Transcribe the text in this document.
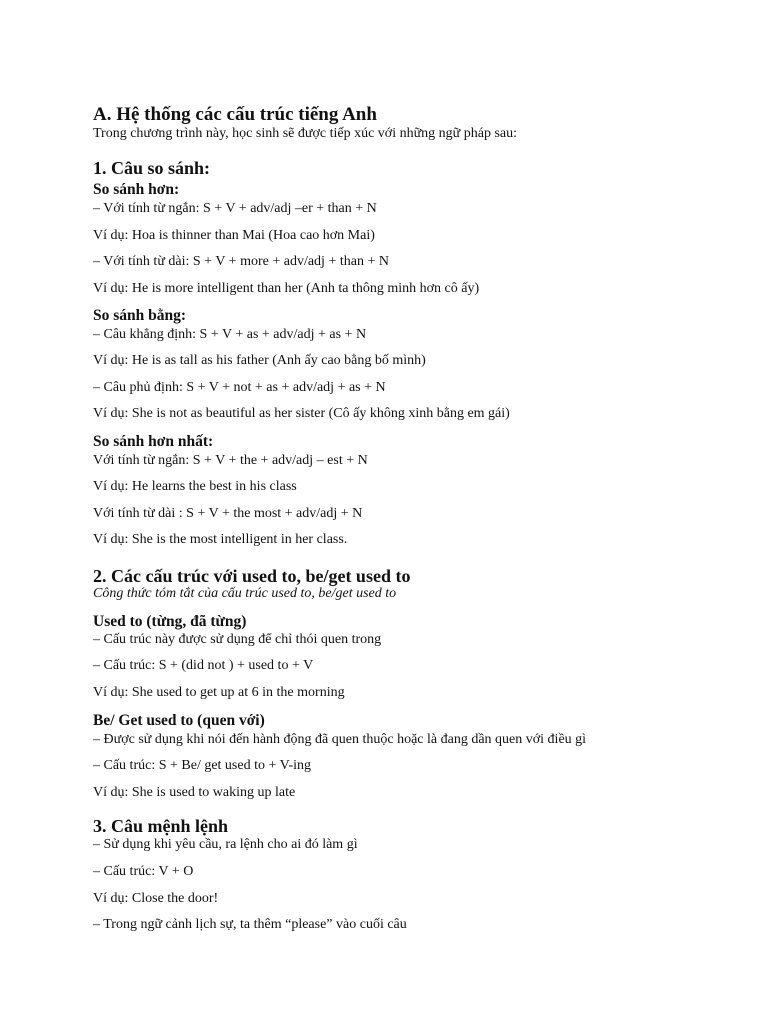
A. Hệ thống các cấu trúc tiếng Anh
Trong chương trình này, học sinh sẽ được tiếp xúc với những ngữ pháp sau:
1. Câu so sánh:
So sánh hơn:
– Với tính từ ngắn: S + V + adv/adj –er + than + N
Ví dụ: Hoa is thinner than Mai (Hoa cao hơn Mai)
– Với tính từ dài: S + V + more + adv/adj + than + N
Ví dụ: He is more intelligent than her (Anh ta thông minh hơn cô ấy)
So sánh bằng:
– Câu khẳng định: S + V + as + adv/adj + as + N
Ví dụ: He is as tall as his father (Anh ấy cao bằng bố mình)
– Câu phủ định: S + V + not + as + adv/adj + as + N
Ví dụ: She is not as beautiful as her sister (Cô ấy không xinh bằng em gái)
So sánh hơn nhất:
Với tính từ ngắn: S + V + the + adv/adj – est + N
Ví dụ: He learns the best in his class
Với tính từ dài : S + V + the most + adv/adj + N
Ví dụ: She is the most intelligent in her class.
2. Các cấu trúc với used to, be/get used to
Công thức tóm tắt của cấu trúc used to, be/get used to
Used to (từng, đã từng)
– Cấu trúc này được sử dụng để chỉ thói quen trong
– Cấu trúc: S + (did not ) + used to + V
Ví dụ: She used to get up at 6 in the morning
Be/ Get used to (quen với)
– Được sử dụng khi nói đến hành động đã quen thuộc hoặc là đang dần quen với điều gì
– Cấu trúc: S + Be/ get used to + V-ing
Ví dụ: She is used to waking up late
3. Câu mệnh lệnh
– Sử dụng khi yêu cầu, ra lệnh cho ai đó làm gì
– Cấu trúc: V + O
Ví dụ: Close the door!
– Trong ngữ cảnh lịch sự, ta thêm “please” vào cuối câu
